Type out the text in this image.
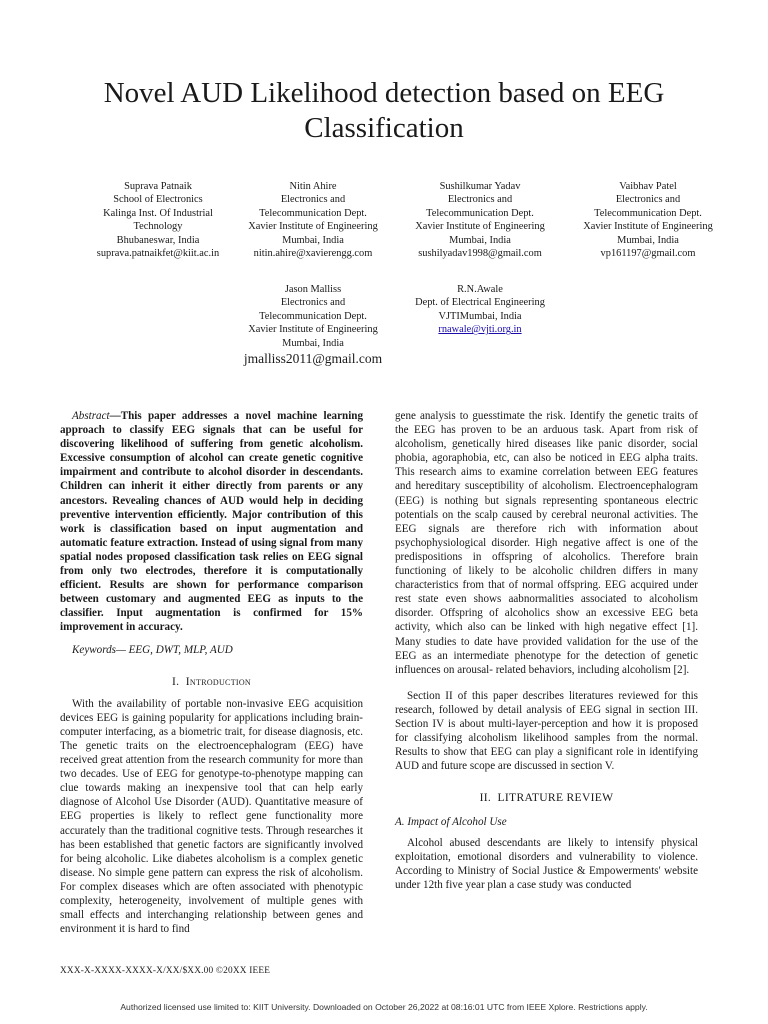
Novel AUD Likelihood detection based on EEG Classification
Suprava Patnaik
School of Electronics
Kalinga Inst. Of Industrial
Technology
Bhubaneswar, India
suprava.patnaikfet@kiit.ac.in
Nitin Ahire
Electronics and
Telecommunication Dept.
Xavier Institute of Engineering
Mumbai, India
nitin.ahire@xavierengg.com
Sushilkumar Yadav
Electronics and
Telecommunication Dept.
Xavier Institute of Engineering
Mumbai, India
sushilyadav1998@gmail.com
Vaibhav Patel
Electronics and
Telecommunication Dept.
Xavier Institute of Engineering
Mumbai, India
vp161197@gmail.com
Jason Malliss
Electronics and
Telecommunication Dept.
Xavier Institute of Engineering
Mumbai, India
jmalliss2011@gmail.com
R.N.Awale
Dept. of Electrical Engineering
VJTIMumbai, India
rnawale@vjti.org.in

Abstract—This paper addresses a novel machine learning approach to classify EEG signals that can be useful for discovering likelihood of suffering from genetic alcoholism. Excessive consumption of alcohol can create genetic cognitive impairment and contribute to alcohol disorder in descendants. Children can inherit it either directly from parents or any ancestors. Revealing chances of AUD would help in deciding preventive intervention efficiently. Major contribution of this work is classification based on input augmentation and automatic feature extraction. Instead of using signal from many spatial nodes proposed classification task relies on EEG signal from only two electrodes, therefore it is computationally efficient. Results are shown for performance comparison between customary and augmented EEG as inputs to the classifier. Input augmentation is confirmed for 15% improvement in accuracy.

Keywords— EEG, DWT, MLP, AUD

I. Introduction

With the availability of portable non-invasive EEG acquisition devices EEG is gaining popularity for applications including brain-computer interfacing, as a biometric trait, for disease diagnosis, etc. The genetic traits on the electroencephalogram (EEG) have received great attention from the research community for more than two decades. Use of EEG for genotype-to-phenotype mapping can clue towards making an inexpensive tool that can help early diagnose of Alcohol Use Disorder (AUD). Quantitative measure of EEG properties is likely to reflect gene functionality more accurately than the traditional cognitive tests. Through researches it has been established that genetic factors are significantly involved for being alcoholic. Like diabetes alcoholism is a complex genetic disease. No simple gene pattern can express the risk of alcoholism. For complex diseases which are often associated with phenotypic complexity, heterogeneity, involvement of multiple genes with small effects and interchanging relationship between genes and environment it is hard to find

gene analysis to guesstimate the risk. Identify the genetic traits of the EEG has proven to be an arduous task. Apart from risk of alcoholism, genetically hired diseases like panic disorder, social phobia, agoraphobia, etc, can also be noticed in EEG alpha traits. This research aims to examine correlation between EEG features and hereditary susceptibility of alcoholism. Electroencephalogram (EEG) is nothing but signals representing spontaneous electric potentials on the scalp caused by cerebral neuronal activities. The EEG signals are therefore rich with information about psychophysiological disorder. High negative affect is one of the predispositions in offspring of alcoholics. Therefore brain functioning of likely to be alcoholic children differs in many characteristics from that of normal offspring. EEG acquired under rest state even shows aabnormalities associated to alcoholism disorder. Offspring of alcoholics show an excessive EEG beta activity, which also can be linked with high negative effect [1]. Many studies to date have provided validation for the use of the EEG as an intermediate phenotype for the detection of genetic influences on arousal- related behaviors, including alcoholism [2].

Section II of this paper describes literatures reviewed for this research, followed by detail analysis of EEG signal in section III. Section IV is about multi-layer-perception and how it is proposed for classifying alcoholism likelihood samples from the normal. Results to show that EEG can play a significant role in identifying AUD and future scope are discussed in section V.

II. LITRATURE REVIEW

A. Impact of Alcohol Use

Alcohol abused descendants are likely to intensify physical exploitation, emotional disorders and vulnerability to violence. According to Ministry of Social Justice & Empowerments' website under 12th five year plan a case study was conducted

XXX-X-XXXX-XXXX-X/XX/$XX.00 ©20XX IEEE
Authorized licensed use limited to: KIIT University. Downloaded on October 26,2022 at 08:16:01 UTC from IEEE Xplore. Restrictions apply.
